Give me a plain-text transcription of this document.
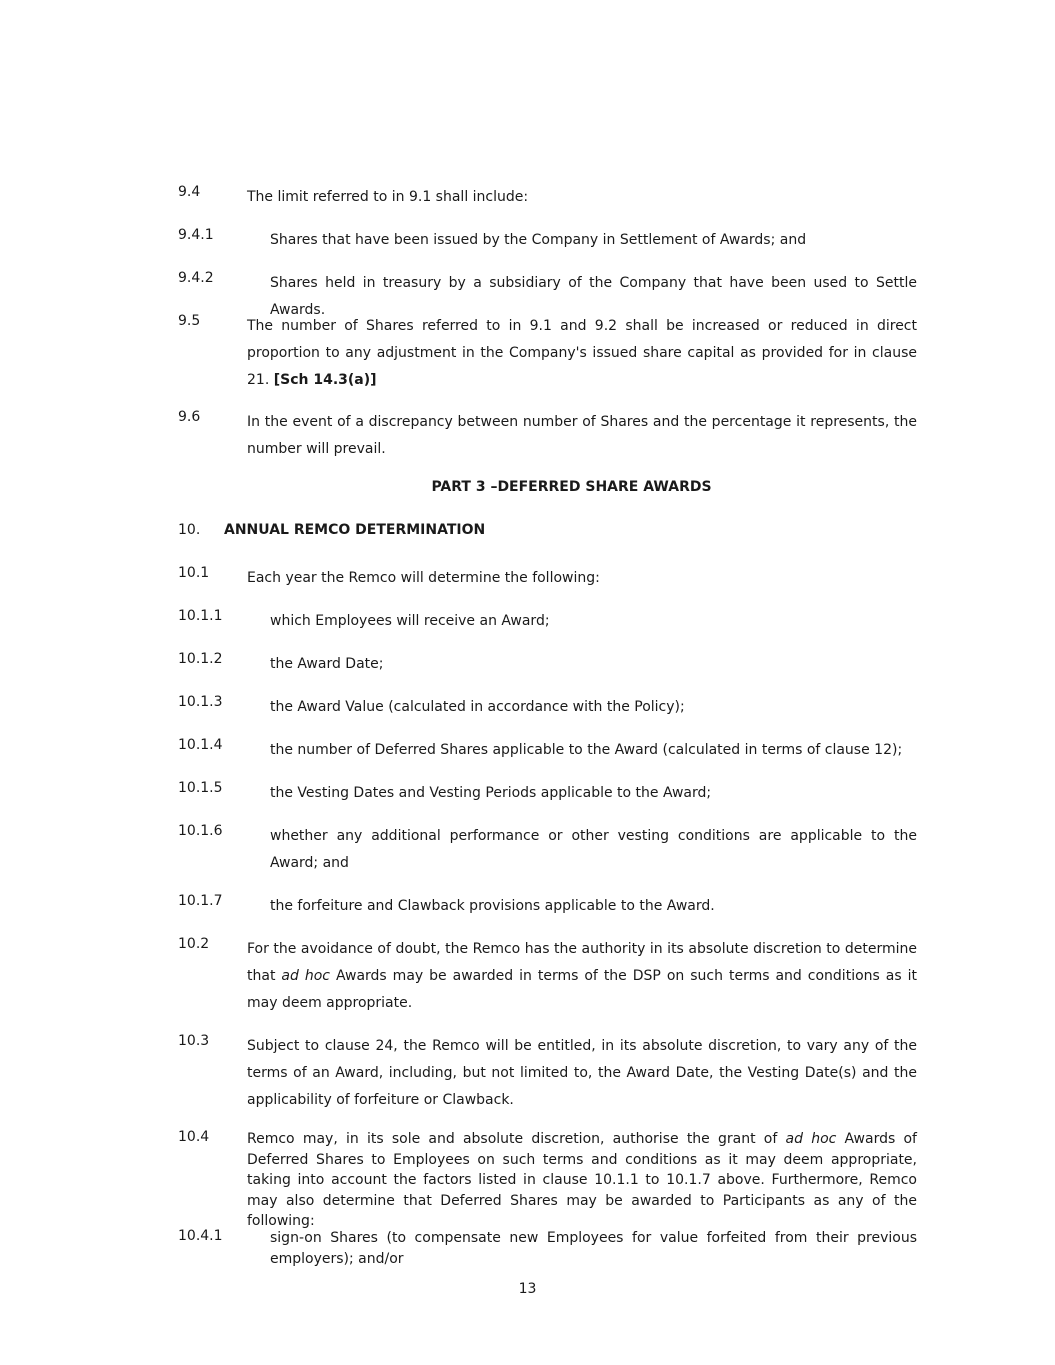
9.4	The limit referred to in 9.1 shall include:
9.4.1	Shares that have been issued by the Company in Settlement of Awards; and
9.4.2	Shares held in treasury by a subsidiary of the Company that have been used to Settle Awards.
9.5	The number of Shares referred to in 9.1 and 9.2 shall be increased or reduced in direct proportion to any adjustment in the Company's issued share capital as provided for in clause 21. [Sch 14.3(a)]
9.6	In the event of a discrepancy between number of Shares and the percentage it represents, the number will prevail.
PART 3 –DEFERRED SHARE AWARDS
10. ANNUAL REMCO DETERMINATION
10.1	Each year the Remco will determine the following:
10.1.1	which Employees will receive an Award;
10.1.2	the Award Date;
10.1.3	the Award Value (calculated in accordance with the Policy);
10.1.4	the number of Deferred Shares applicable to the Award (calculated in terms of clause 12);
10.1.5	the Vesting Dates and Vesting Periods applicable to the Award;
10.1.6	whether any additional performance or other vesting conditions are applicable to the Award; and
10.1.7	the forfeiture and Clawback provisions applicable to the Award.
10.2	For the avoidance of doubt, the Remco has the authority in its absolute discretion to determine that ad hoc Awards may be awarded in terms of the DSP on such terms and conditions as it may deem appropriate.
10.3	Subject to clause 24, the Remco will be entitled, in its absolute discretion, to vary any of the terms of an Award, including, but not limited to, the Award Date, the Vesting Date(s) and the applicability of forfeiture or Clawback.
10.4	Remco may, in its sole and absolute discretion, authorise the grant of ad hoc Awards of Deferred Shares to Employees on such terms and conditions as it may deem appropriate, taking into account the factors listed in clause 10.1.1 to 10.1.7 above. Furthermore, Remco may also determine that Deferred Shares may be awarded to Participants as any of the following:
10.4.1	sign-on Shares (to compensate new Employees for value forfeited from their previous employers); and/or
13
